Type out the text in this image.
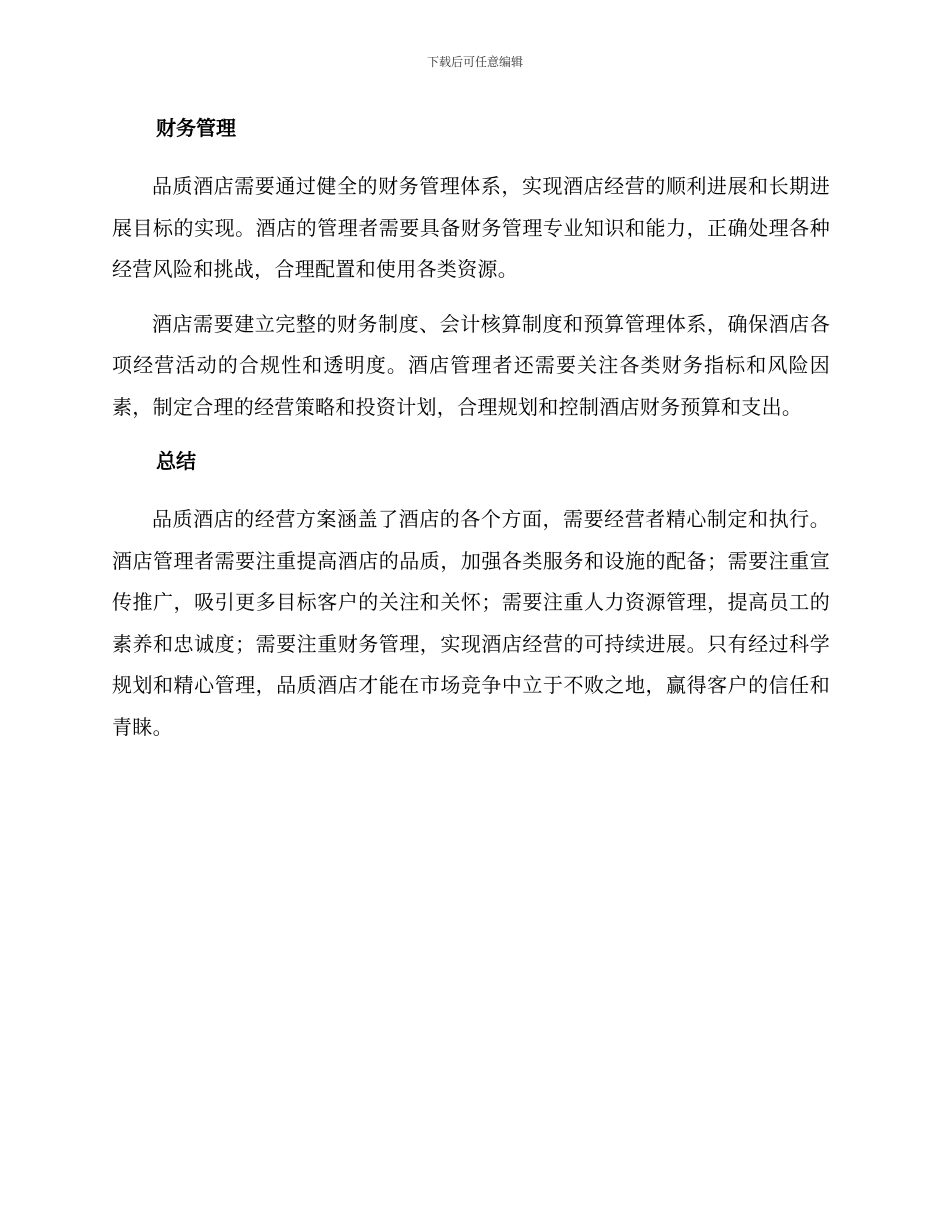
下载后可任意编辑
财务管理

品质酒店需要通过健全的财务管理体系，实现酒店经营的顺利进展和长期进展目标的实现。酒店的管理者需要具备财务管理专业知识和能力，正确处理各种经营风险和挑战，合理配置和使用各类资源。

酒店需要建立完整的财务制度、会计核算制度和预算管理体系，确保酒店各项经营活动的合规性和透明度。酒店管理者还需要关注各类财务指标和风险因素，制定合理的经营策略和投资计划，合理规划和控制酒店财务预算和支出。

总结

品质酒店的经营方案涵盖了酒店的各个方面，需要经营者精心制定和执行。酒店管理者需要注重提高酒店的品质，加强各类服务和设施的配备；需要注重宣传推广，吸引更多目标客户的关注和关怀；需要注重人力资源管理，提高员工的素养和忠诚度；需要注重财务管理，实现酒店经营的可持续进展。只有经过科学规划和精心管理，品质酒店才能在市场竞争中立于不败之地，赢得客户的信任和青睐。
